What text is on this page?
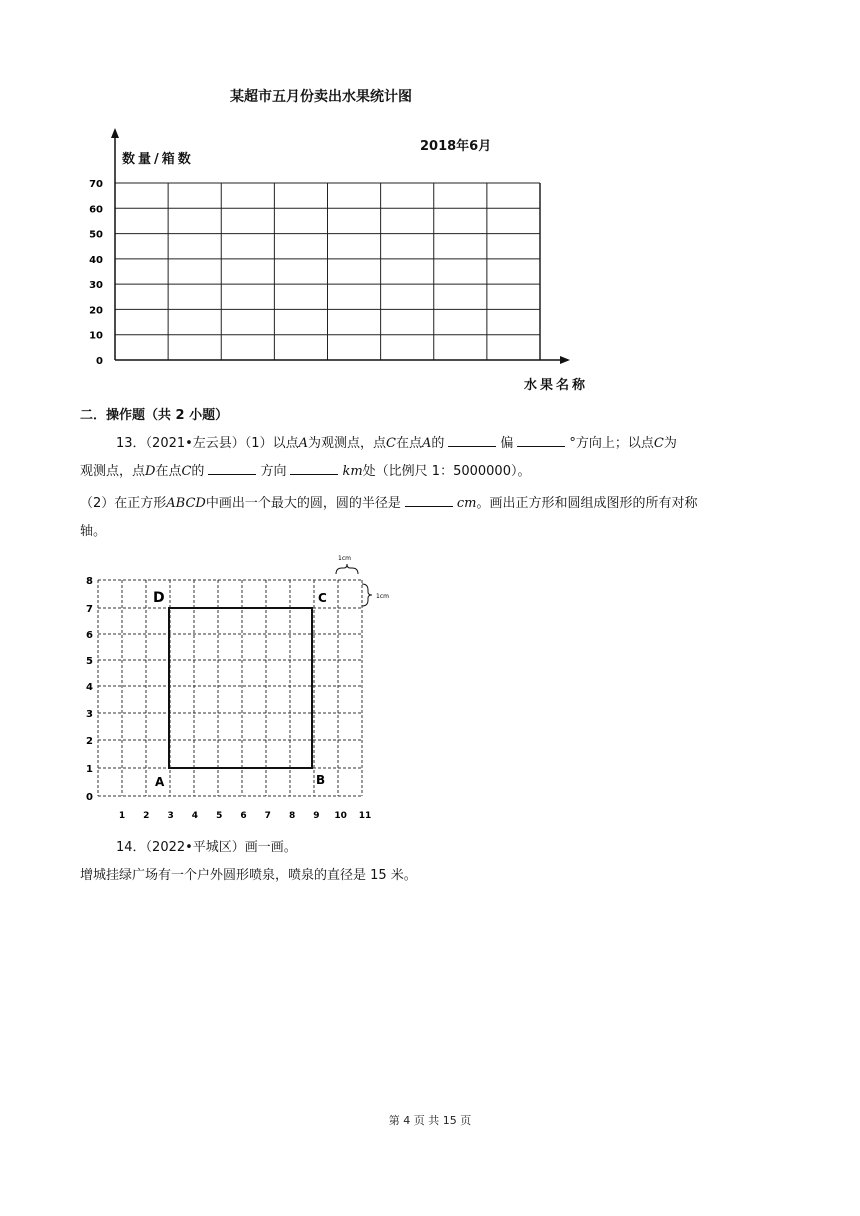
某超市五月份卖出水果统计图
2018年6月
数量/箱数
水果名称
0
10
20
30
40
50
60
70
二．操作题（共 2 小题）
13．（2021•左云县）（1）以点A为观测点，点C在点A的	偏	°方向上；以点C为
观测点，点D在点C的	方向	km处（比例尺 1：5000000）。
（2）在正方形ABCD中画出一个最大的圆，圆的半径是	cm。画出正方形和圆组成图形的所有对称
轴。
0
1
2
3
4
5
6
7
8
1 2 3 4 5 6 7 8 9 10 11
D	C
A	B
1cm
1cm
14．（2022•平城区）画一画。
增城挂绿广场有一个户外圆形喷泉，喷泉的直径是 15 米。
第 4 页 共 15 页
